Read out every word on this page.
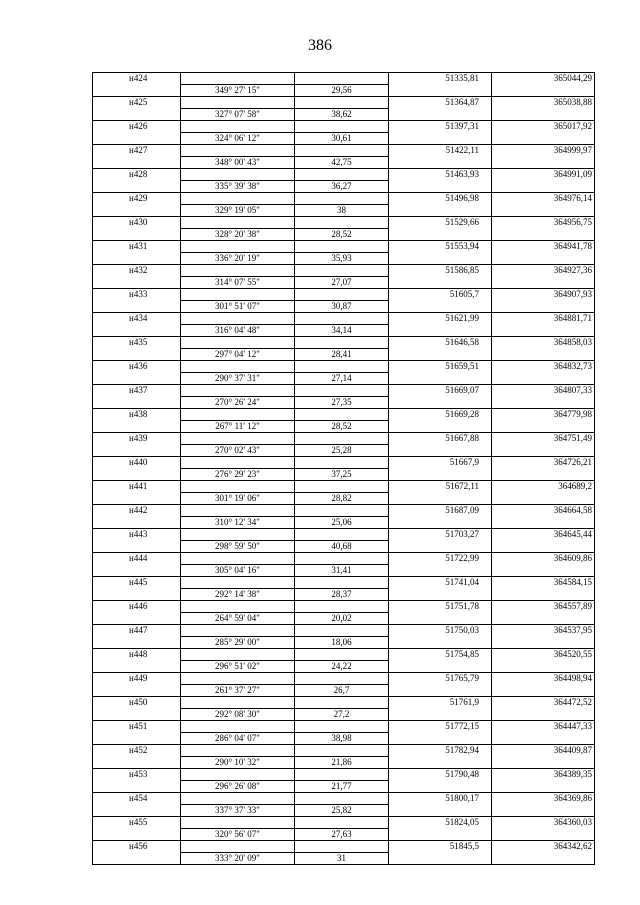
386
н424			51335,81	365044,29
	349° 27' 15"	29,56		
н425			51364,87	365038,88
	327° 07' 58"	38,62		
н426			51397,31	365017,92
	324° 06' 12"	30,61		
н427			51422,11	364999,97
	348° 00' 43"	42,75		
н428			51463,93	364991,09
	335° 39' 38"	36,27		
н429			51496,98	364976,14
	329° 19' 05"	38		
н430			51529,66	364956,75
	328° 20' 38"	28,52		
н431			51553,94	364941,78
	336° 20' 19"	35,93		
н432			51586,85	364927,36
	314° 07' 55"	27,07		
н433			51605,7	364907,93
	301° 51' 07"	30,87		
н434			51621,99	364881,71
	316° 04' 48"	34,14		
н435			51646,58	364858,03
	297° 04' 12"	28,41		
н436			51659,51	364832,73
	290° 37' 31"	27,14		
н437			51669,07	364807,33
	270° 26' 24"	27,35		
н438			51669,28	364779,98
	267° 11' 12"	28,52		
н439			51667,88	364751,49
	270° 02' 43"	25,28		
н440			51667,9	364726,21
	276° 29' 23"	37,25		
н441			51672,11	364689,2
	301° 19' 06"	28,82		
н442			51687,09	364664,58
	310° 12' 34"	25,06		
н443			51703,27	364645,44
	298° 59' 50"	40,68		
н444			51722,99	364609,86
	305° 04' 16"	31,41		
н445			51741,04	364584,15
	292° 14' 38"	28,37		
н446			51751,78	364557,89
	264° 59' 04"	20,02		
н447			51750,03	364537,95
	285° 29' 00"	18,06		
н448			51754,85	364520,55
	296° 51' 02"	24,22		
н449			51765,79	364498,94
	261° 37' 27"	26,7		
н450			51761,9	364472,52
	292° 08' 30"	27,2		
н451			51772,15	364447,33
	286° 04' 07"	38,98		
н452			51782,94	364409,87
	290° 10' 32"	21,86		
н453			51790,48	364389,35
	296° 26' 08"	21,77		
н454			51800,17	364369,86
	337° 37' 33"	25,82		
н455			51824,05	364360,03
	320° 56' 07"	27,63		
н456			51845,5	364342,62
	333° 20' 09"	31		
